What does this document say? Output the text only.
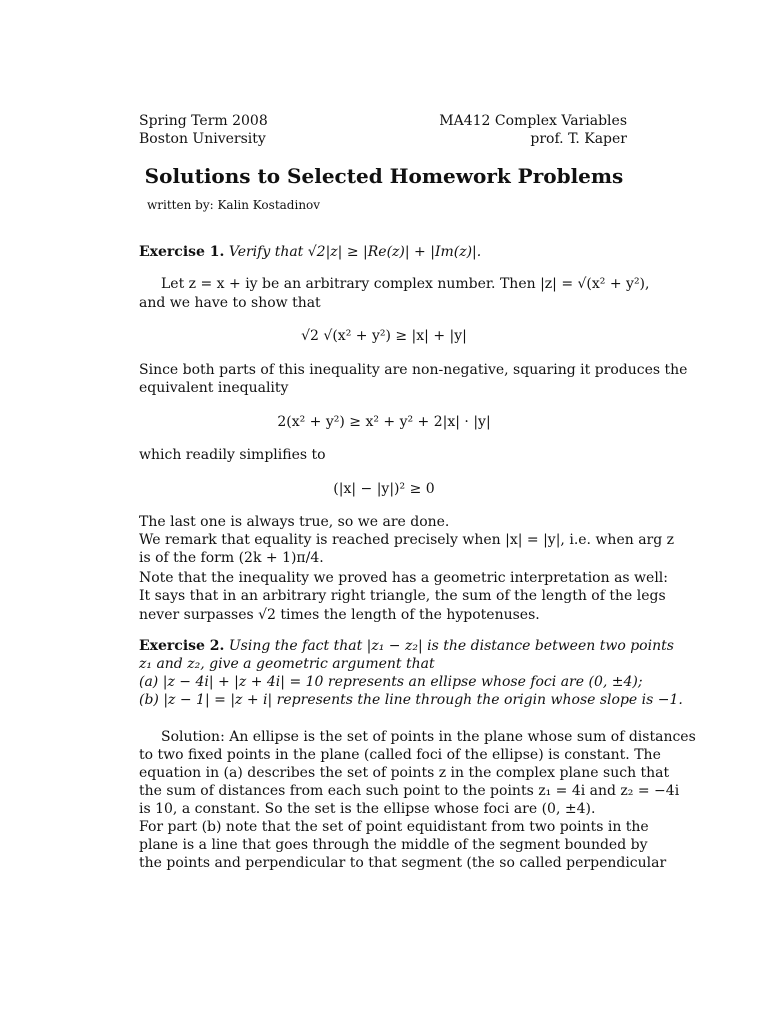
Spring Term 2008
Boston University
MA412 Complex Variables
prof. T. Kaper
Solutions to Selected Homework Problems
written by: Kalin Kostadinov
Exercise 1. Verify that √2|z| ≥ |Re(z)| + |Im(z)|.
Let z = x + iy be an arbitrary complex number. Then |z| = √(x² + y²),
and we have to show that
√2 √(x² + y²) ≥ |x| + |y|
Since both parts of this inequality are non-negative, squaring it produces the
equivalent inequality
2(x² + y²) ≥ x² + y² + 2|x| · |y|
which readily simplifies to
(|x| − |y|)² ≥ 0
The last one is always true, so we are done.
We remark that equality is reached precisely when |x| = |y|, i.e. when arg z
is of the form (2k + 1)π/4.
Note that the inequality we proved has a geometric interpretation as well:
It says that in an arbitrary right triangle, the sum of the length of the legs
never surpasses √2 times the length of the hypotenuses.
Exercise 2. Using the fact that |z₁ − z₂| is the distance between two points
z₁ and z₂, give a geometric argument that
(a) |z − 4i| + |z + 4i| = 10 represents an ellipse whose foci are (0, ±4);
(b) |z − 1| = |z + i| represents the line through the origin whose slope is −1.
Solution: An ellipse is the set of points in the plane whose sum of distances
to two fixed points in the plane (called foci of the ellipse) is constant. The
equation in (a) describes the set of points z in the complex plane such that
the sum of distances from each such point to the points z₁ = 4i and z₂ = −4i
is 10, a constant. So the set is the ellipse whose foci are (0, ±4).
For part (b) note that the set of point equidistant from two points in the
plane is a line that goes through the middle of the segment bounded by
the points and perpendicular to that segment (the so called perpendicular
